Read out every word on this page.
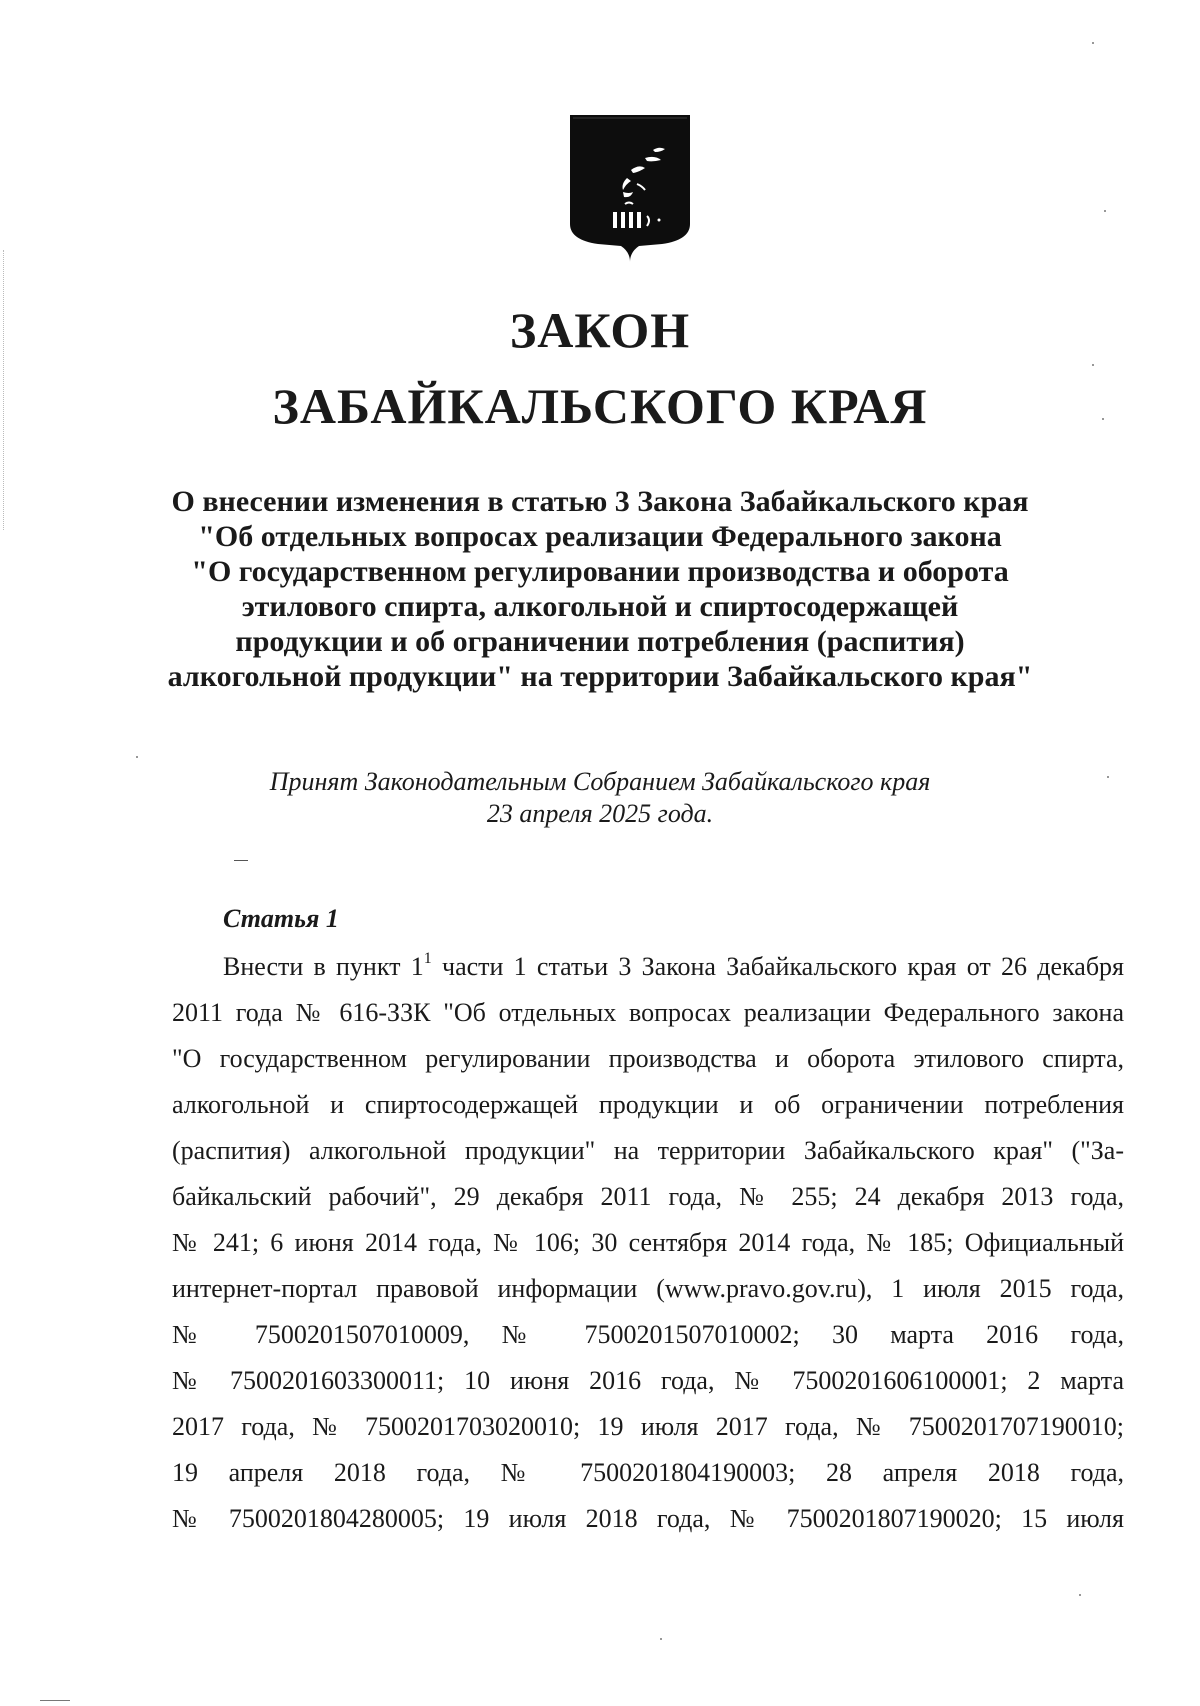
ЗАКОН
ЗАБАЙКАЛЬСКОГО КРАЯ
О внесении изменения в статью 3 Закона Забайкальского края
"Об отдельных вопросах реализации Федерального закона
"О государственном регулировании производства и оборота
этилового спирта, алкогольной и спиртосодержащей
продукции и об ограничении потребления (распития)
алкогольной продукции" на территории Забайкальского края"
Принят Законодательным Собранием Забайкальского края
23 апреля 2025 года.
Статья 1
Внести в пункт $1^1$ части 1 статьи 3 Закона Забайкальского края от 26 декабря
2011 года № 616-ЗЗК "Об отдельных вопросах реализации Федерального закона
"О государственном регулировании производства и оборота этилового спирта,
алкогольной и спиртосодержащей продукции и об ограничении потребления
(распития) алкогольной продукции" на территории Забайкальского края" ("За-
байкальский рабочий", 29 декабря 2011 года, № 255; 24 декабря 2013 года,
№ 241; 6 июня 2014 года, № 106; 30 сентября 2014 года, № 185; Официальный
интернет-портал правовой информации (www.pravo.gov.ru), 1 июля 2015 года,
№ 7500201507010009, № 7500201507010002; 30 марта 2016 года,
№ 7500201603300011; 10 июня 2016 года, № 7500201606100001; 2 марта
2017 года, № 7500201703020010; 19 июля 2017 года, № 7500201707190010;
19 апреля 2018 года, № 7500201804190003; 28 апреля 2018 года,
№ 7500201804280005; 19 июля 2018 года, № 7500201807190020; 15 июля
